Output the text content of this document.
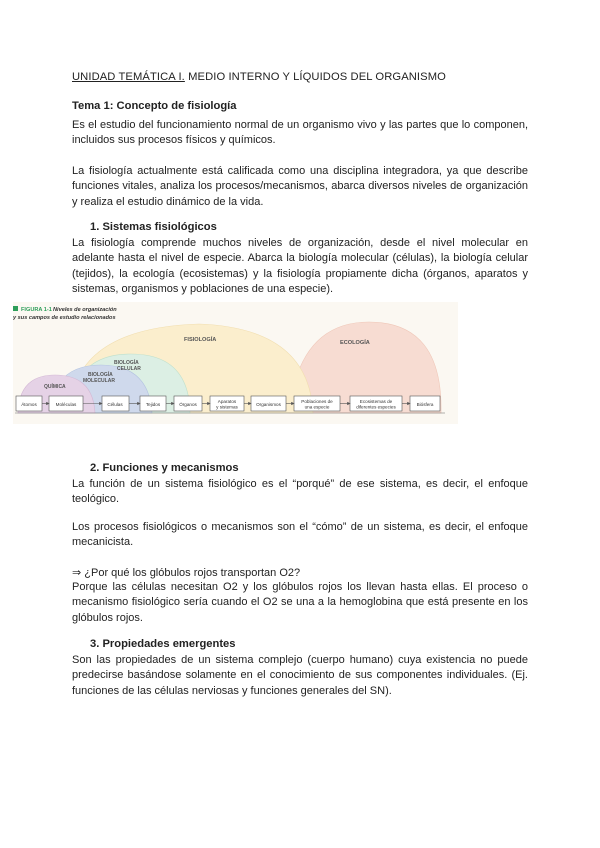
UNIDAD TEMÁTICA I. MEDIO INTERNO Y LÍQUIDOS DEL ORGANISMO
Tema 1: Concepto de fisiología
Es el estudio del funcionamiento normal de un organismo vivo y las partes que lo componen, incluidos sus procesos físicos y químicos.
La fisiología actualmente está calificada como una disciplina integradora, ya que describe funciones vitales, analiza los procesos/mecanismos, abarca diversos niveles de organización y realiza el estudio dinámico de la vida.
1. Sistemas fisiológicos
La fisiología comprende muchos niveles de organización, desde el nivel molecular en adelante hasta el nivel de especie. Abarca la biología molecular (células), la biología celular (tejidos), la ecología (ecosistemas) y la fisiología propiamente dicha (órganos, aparatos y sistemas, organismos y poblaciones de una especie).
2. Funciones y mecanismos
La función de un sistema fisiológico es el “porqué” de ese sistema, es decir, el enfoque teológico.
Los procesos fisiológicos o mecanismos son el “cómo” de un sistema, es decir, el enfoque mecanicista.
⇒ ¿Por qué los glóbulos rojos transportan O2?
Porque las células necesitan O2 y los glóbulos rojos los llevan hasta ellas. El proceso o mecanismo fisiológico sería cuando el O2 se una a la hemoglobina que está presente en los glóbulos rojos.
3. Propiedades emergentes
Son las propiedades de un sistema complejo (cuerpo humano) cuya existencia no puede predecirse basándose solamente en el conocimiento de sus componentes individuales. (Ej. funciones de las células nerviosas y funciones generales del SN).
FIGURA 1-1 Niveles de organización
y sus campos de estudio relacionados
FISIOLOGÍA	ECOLOGÍA
BIOLOGÍA
CELULAR
BIOLOGÍA
MOLECULAR
QUÍMICA
Átomos	Moléculas	Células	Tejidos	Órganos
Aparatos
y sistemas	Organismos
Poblaciones de
una especie
Ecosistemas de
diferentes especies	Biósfera
